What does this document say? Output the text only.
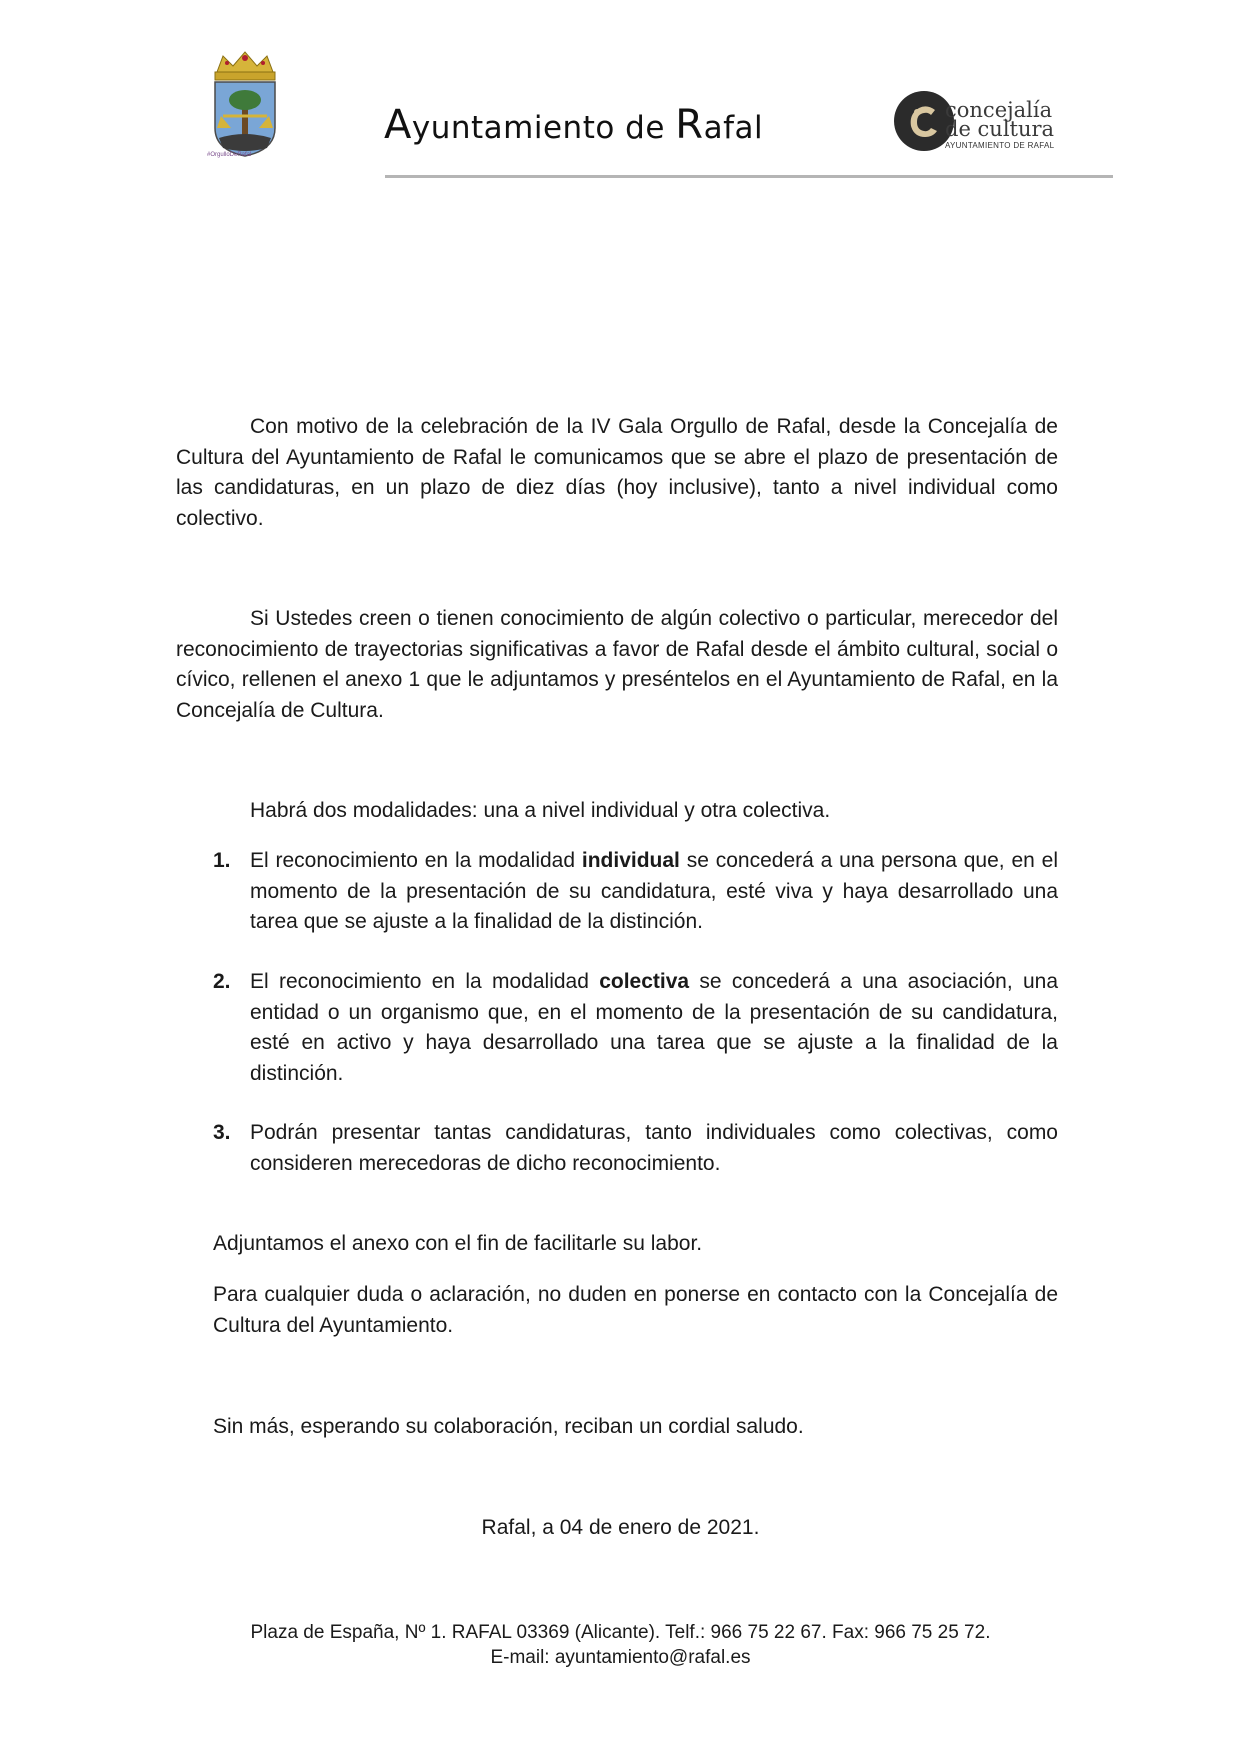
#OrgulloDeRafal
Ayuntamiento de Rafal	concejalía
de cultura
AYUNTAMIENTO DE RAFAL

Con motivo de la celebración de la IV Gala Orgullo de Rafal, desde la Concejalía de Cultura del Ayuntamiento de Rafal le comunicamos que se abre el plazo de presentación de las candidaturas, en un plazo de diez días (hoy inclusive), tanto a nivel individual como colectivo.

Si Ustedes creen o tienen conocimiento de algún colectivo o particular, merecedor del reconocimiento de trayectorias significativas a favor de Rafal desde el ámbito cultural, social o cívico, rellenen el anexo 1 que le adjuntamos y preséntelos en el Ayuntamiento de Rafal, en la Concejalía de Cultura.

Habrá dos modalidades: una a nivel individual y otra colectiva.

1. El reconocimiento en la modalidad individual se concederá a una persona que, en el momento de la presentación de su candidatura, esté viva y haya desarrollado una tarea que se ajuste a la finalidad de la distinción.

2. El reconocimiento en la modalidad colectiva se concederá a una asociación, una entidad o un organismo que, en el momento de la presentación de su candidatura, esté en activo y haya desarrollado una tarea que se ajuste a la finalidad de la distinción.

3. Podrán presentar tantas candidaturas, tanto individuales como colectivas, como consideren merecedoras de dicho reconocimiento.

Adjuntamos el anexo con el fin de facilitarle su labor.

Para cualquier duda o aclaración, no duden en ponerse en contacto con la Concejalía de Cultura del Ayuntamiento.

Sin más, esperando su colaboración, reciban un cordial saludo.

Rafal, a 04 de enero de 2021.

Plaza de España, Nº 1. RAFAL 03369 (Alicante). Telf.: 966 75 22 67. Fax: 966 75 25 72.
E-mail: ayuntamiento@rafal.es
